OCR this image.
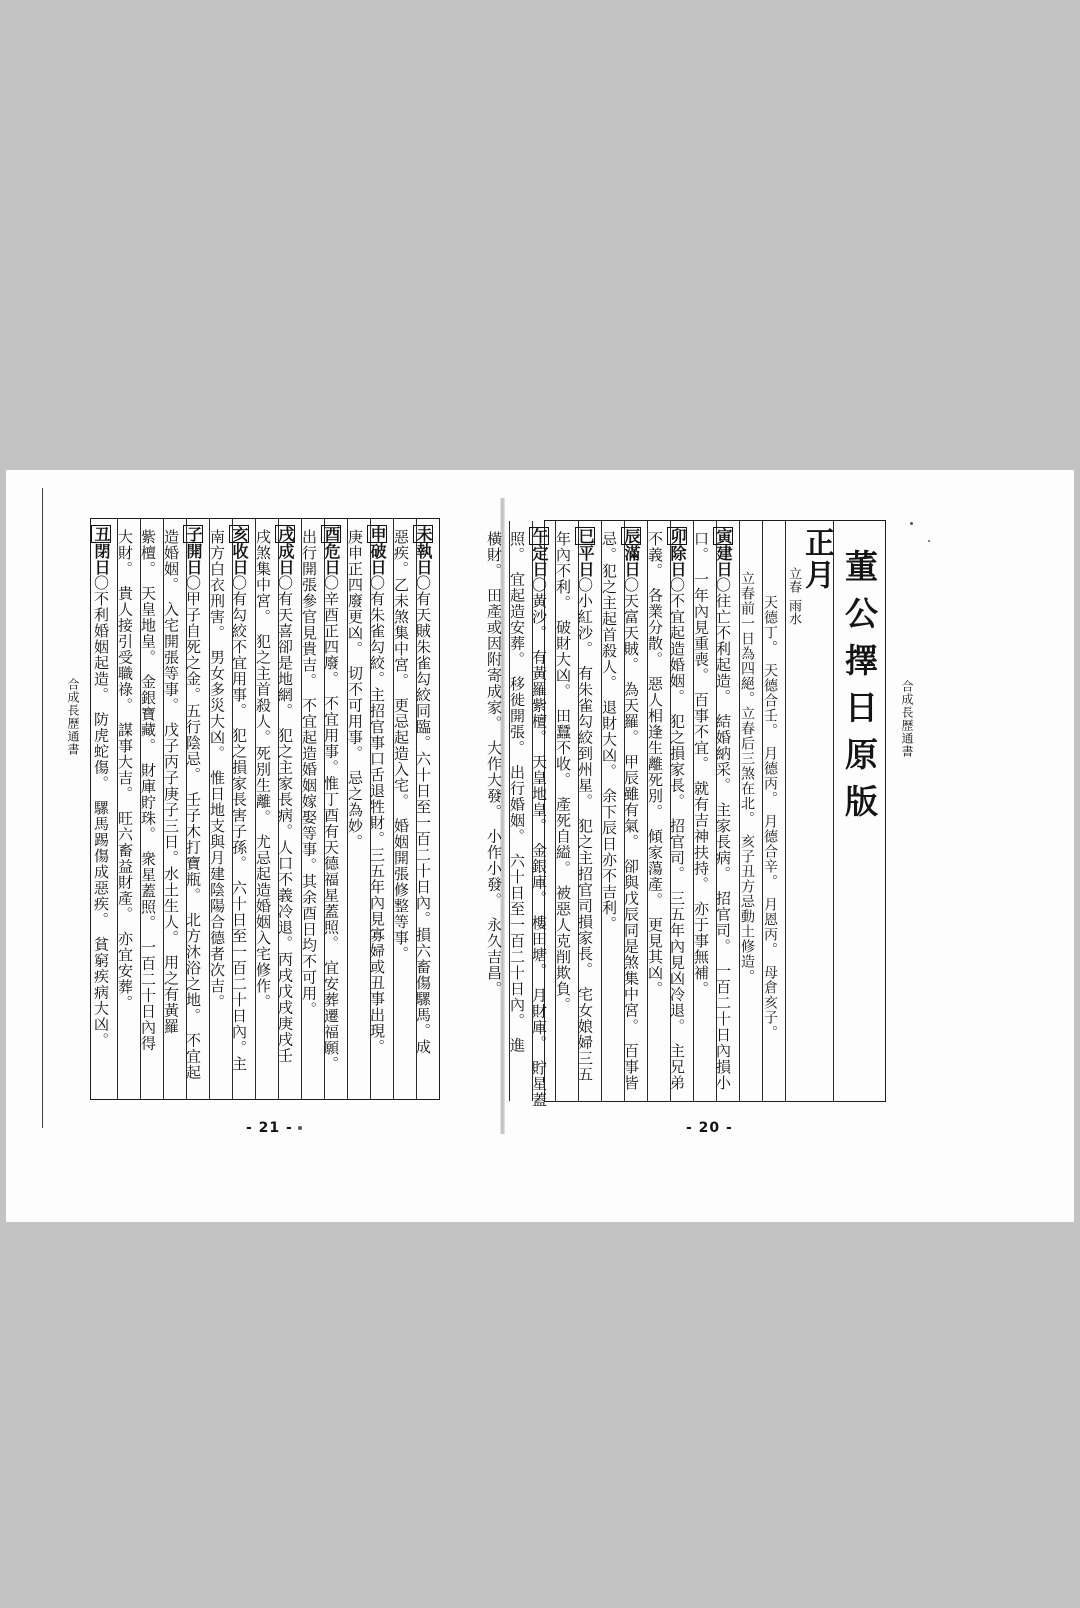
合成長歷通書
未執日〇有天賊朱雀勾絞同臨。六十日至一百二十日內。損六畜傷騾馬。成
惡疾。乙未煞集中宮。　更忌起造入宅。　婚姻開張修整等事。
申破日〇有朱雀勾絞。主招官事口舌退牲財。三五年內見寡婦或丑事出現。
庚申正四廢更凶。　切不可用事。　忌之為妙。
酉危日〇辛酉正四廢。　不宜用事。惟丁酉有天德福星蓋照。　宜安葬遷福願。
出行開張參官見貴吉。　不宜起造婚姻嫁娶等事。其余酉日均不可用。
戌成日〇有天喜卻是地網。　犯之主家長病。人口不義冷退。丙戌戊戌庚戌壬
戌煞集中宮。　犯之主首殺人。死別生離。　尤忌起造婚姻入宅修作。
亥收日〇有勾絞不宜用事。　犯之損家長害子孫。　六十日至一百二十日內。主
南方白衣刑害。　男女多災大凶。　惟日地支與月建陰陽合德者次吉。
子開日〇甲子自死之金。五行陰忌。　壬子木打寶瓶。　北方沐浴之地。　不宜起
造婚姻。　入宅開張等事。　戊子丙子庚子三日。水土生人。　用之有黃羅
紫檀。　天皇地皇。　金銀寶藏。　財庫貯珠。　衆星蓋照。　一百二十日內得
大財。　貴人接引受職祿。　謀事大吉。　旺六畜益財產。　亦宜安葬。
丑閉日〇不利婚姻起造。　防虎蛇傷。　騾馬踢傷成惡疾。　貧窮疾病大凶。
- 21 -
合成長歷通書
董公擇日原版
正月
立春
雨水
天德丁。　天德合壬。　月德丙。　月德合辛。　月恩丙。　母倉亥子。
立春前一日為四絕。立春后三煞在北。　亥子丑方忌動土修造。
寅建日〇往亡不利起造。　結婚納采。　主家長病。　招官司。　一百二十日內損小
口。　一年內見重喪。　百事不宜。　就有吉神扶持。　亦于事無補。
卯除日〇不宜起造婚姻。　犯之損家長。　招官司。　三五年內見凶冷退。　主兄弟
不義。　各業分散。　惡人相逢生離死別。　傾家蕩產。　更見其凶。
辰滿日〇天富天賊。　為天羅。　甲辰雖有氣。　卻與戊辰同是煞集中宮。　百事皆
忌。犯之主起首殺人。　退財大凶。　余下辰日亦不吉利。
巳平日〇小紅沙。　有朱雀勾絞到州星。　犯之主招官司損家長。　宅女娘婦三五
年內不利。　破財大凶。　田蠶不收。　產死自縊。　被惡人克削欺負。
午定日〇黃沙。　有黃羅紫檀。　天皇地皇。　金銀庫。　樓田塘。　月財庫。　貯星蓋
照。　宜起造安葬。　移徙開張。　出行婚姻。　六十日至一百二十日內。　進
橫財。　田產或因附寄成家。　大作大發。　小作小發。　永久吉昌。
- 20 -
